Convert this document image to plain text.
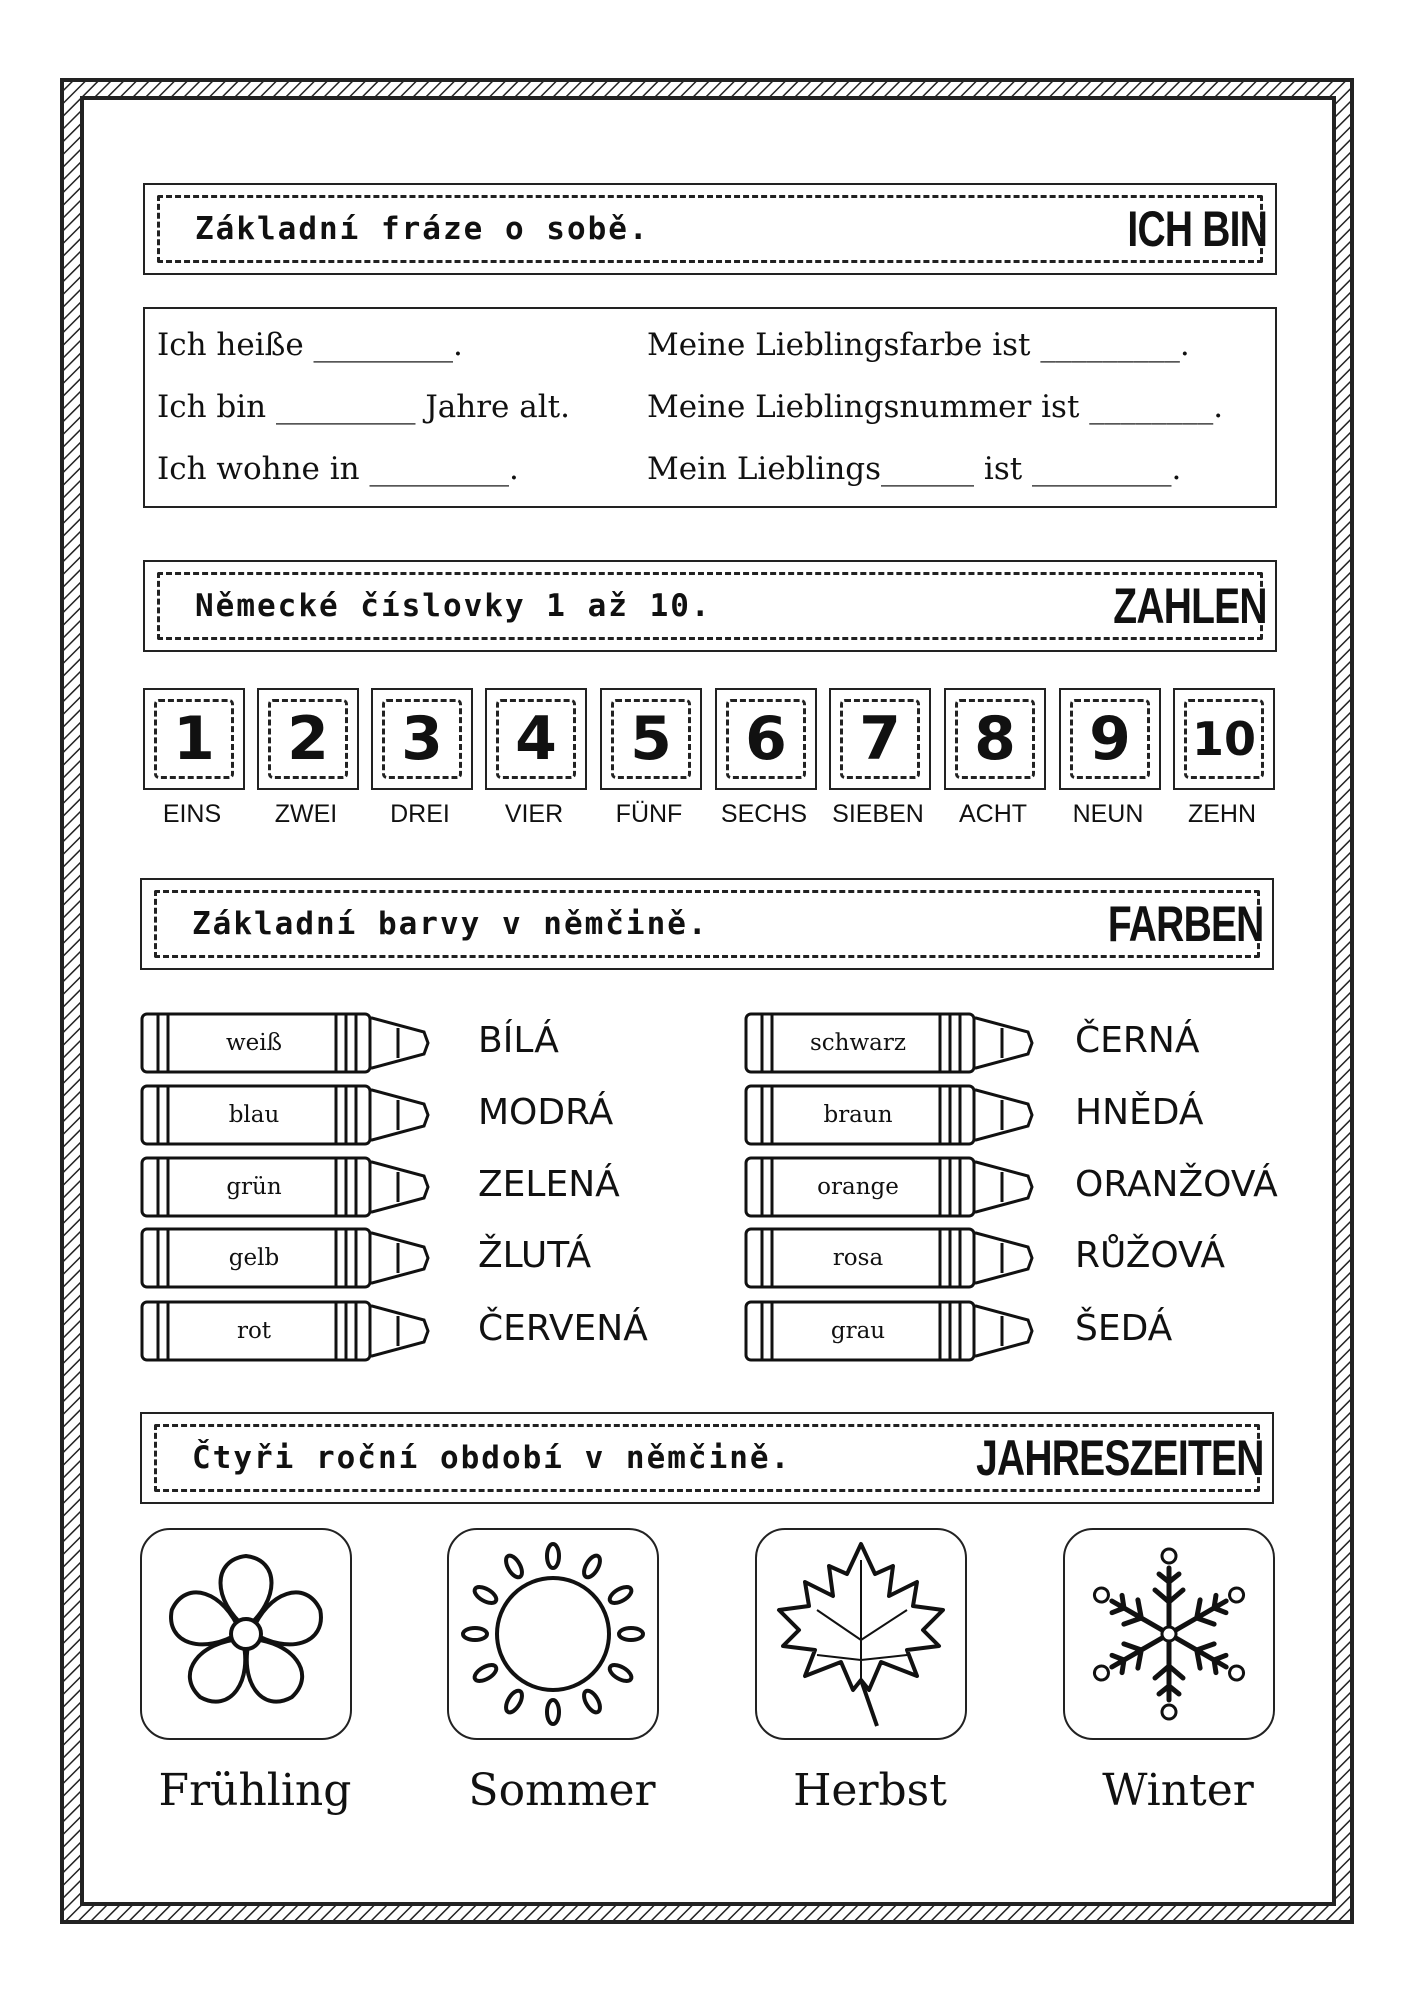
Základní fráze o sobě.	ICH BIN
Ich heiße _________.
Ich bin _________ Jahre alt.
Ich wohne in _________.
Meine Lieblingsfarbe ist _________.
Meine Lieblingsnummer ist ________.
Mein Lieblings______ ist _________.
Německé číslovky 1 až 10.	ZAHLEN
1	2	3	4	5	6	7	8	9	10
EINS	ZWEI	DREI	VIER	FÜNF	SECHS	SIEBEN	ACHT	NEUN	ZEHN
Základní barvy v němčině.	FARBEN
weiß	BÍLÁ
blau	MODRÁ
grün	ZELENÁ
gelb	ŽLUTÁ
rot	ČERVENÁ
schwarz	ČERNÁ
braun	HNĚDÁ
orange	ORANŽOVÁ
rosa	RŮŽOVÁ
grau	ŠEDÁ
Čtyři roční období v němčině.	JAHRESZEITEN
Frühling	Sommer	Herbst	Winter
